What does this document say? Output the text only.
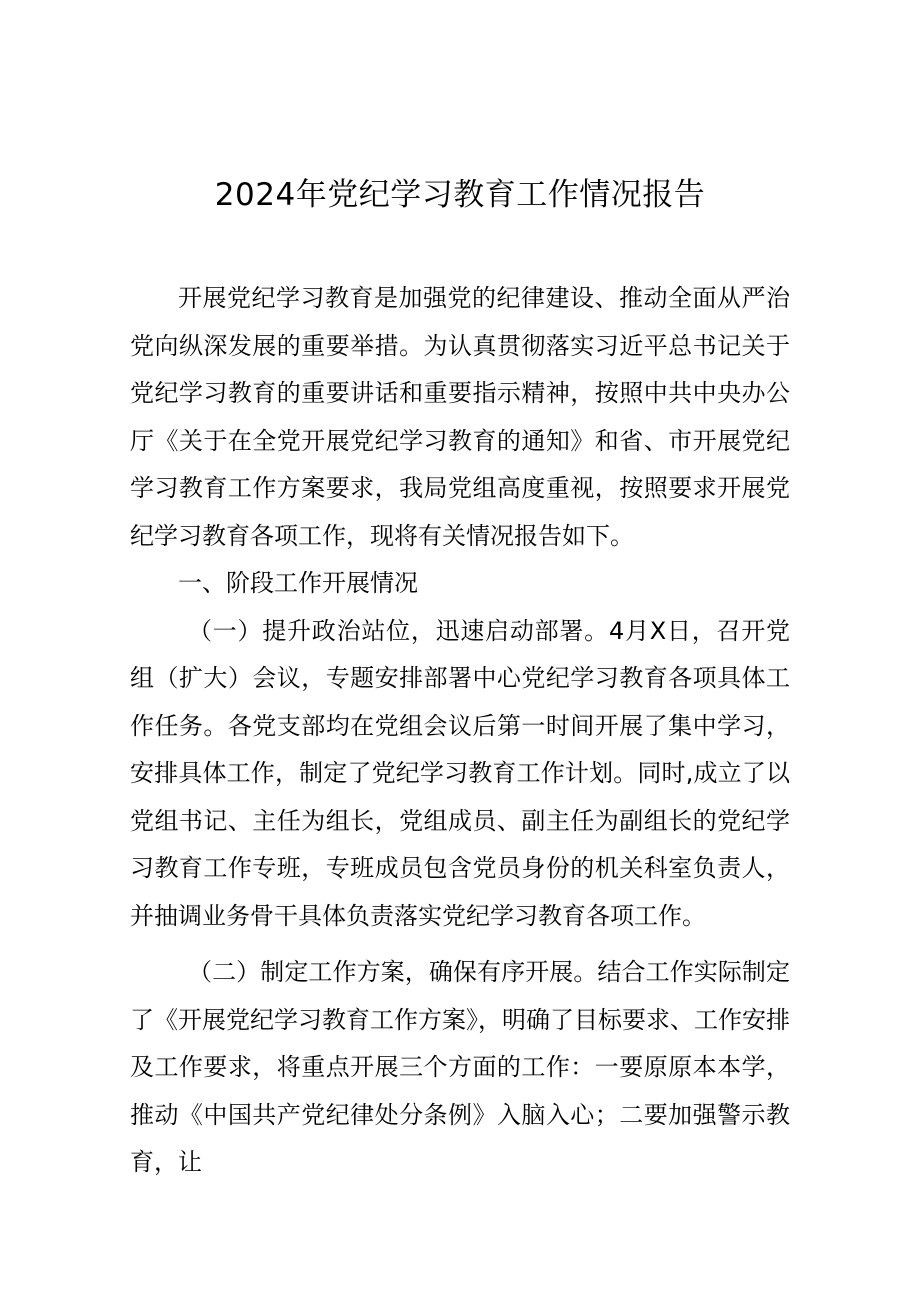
2024年党纪学习教育工作情况报告

开展党纪学习教育是加强党的纪律建设、推动全面从严治党向纵深发展的重要举措。为认真贯彻落实习近平总书记关于党纪学习教育的重要讲话和重要指示精神，按照中共中央办公厅《关于在全党开展党纪学习教育的通知》和省、市开展党纪学习教育工作方案要求，我局党组高度重视，按照要求开展党纪学习教育各项工作，现将有关情况报告如下。

一、阶段工作开展情况

（一）提升政治站位，迅速启动部署。4月X日，召开党组（扩大）会议，专题安排部署中心党纪学习教育各项具体工作任务。各党支部均在党组会议后第一时间开展了集中学习，安排具体工作，制定了党纪学习教育工作计划。同时,成立了以党组书记、主任为组长，党组成员、副主任为副组长的党纪学习教育工作专班，专班成员包含党员身份的机关科室负责人，并抽调业务骨干具体负责落实党纪学习教育各项工作。

（二）制定工作方案，确保有序开展。结合工作实际制定了《开展党纪学习教育工作方案》，明确了目标要求、工作安排及工作要求，将重点开展三个方面的工作：一要原原本本学，推动《中国共产党纪律处分条例》入脑入心；二要加强警示教育，让
